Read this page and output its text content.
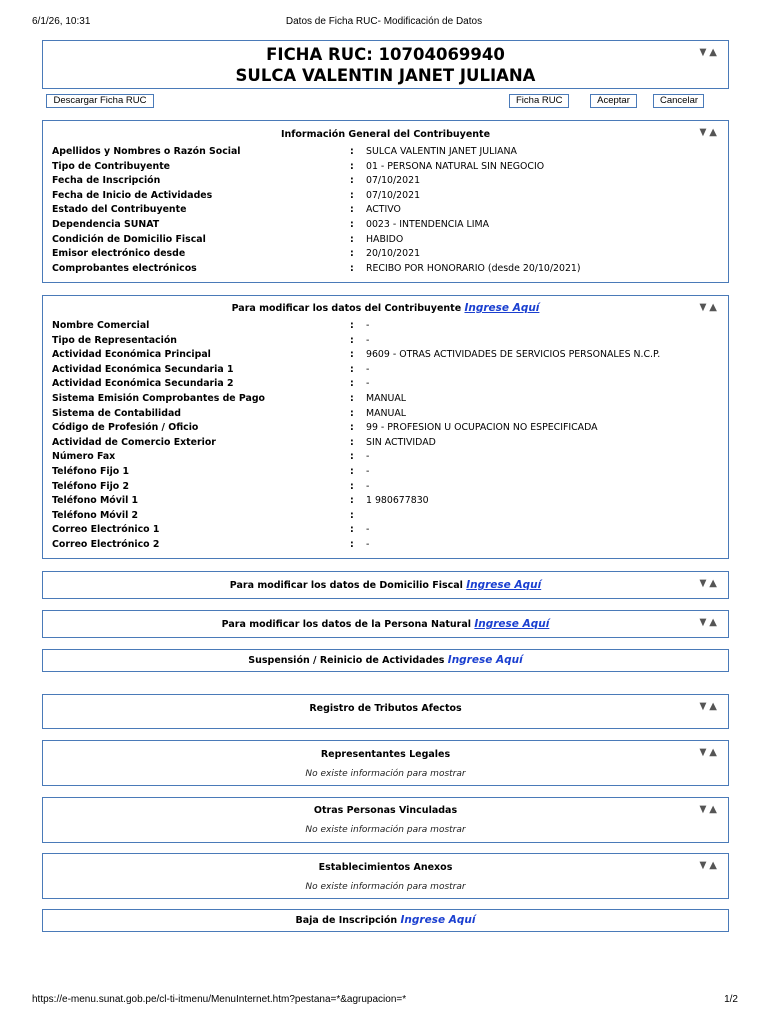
6/1/26, 10:31	Datos de Ficha RUC- Modificación de Datos
FICHA RUC: 10704069940
SULCA VALENTIN JANET JULIANA
▼▲
Descargar Ficha RUC	Ficha RUC	Aceptar	Cancelar
Información General del Contribuyente	▼▲
Apellidos y Nombres o Razón Social	: SULCA VALENTIN JANET JULIANA
Tipo de Contribuyente	: 01 - PERSONA NATURAL SIN NEGOCIO
Fecha de Inscripción	: 07/10/2021
Fecha de Inicio de Actividades	: 07/10/2021
Estado del Contribuyente	: ACTIVO
Dependencia SUNAT	: 0023 - INTENDENCIA LIMA
Condición de Domicilio Fiscal	: HABIDO
Emisor electrónico desde	: 20/10/2021
Comprobantes electrónicos	: RECIBO POR HONORARIO (desde 20/10/2021)
Para modificar los datos del Contribuyente Ingrese Aquí	▼▲
Nombre Comercial	: -
Tipo de Representación	: -
Actividad Económica Principal	: 9609 - OTRAS ACTIVIDADES DE SERVICIOS PERSONALES N.C.P.
Actividad Económica Secundaria 1	: -
Actividad Económica Secundaria 2	: -
Sistema Emisión Comprobantes de Pago	: MANUAL
Sistema de Contabilidad	: MANUAL
Código de Profesión / Oficio	: 99 - PROFESION U OCUPACION NO ESPECIFICADA
Actividad de Comercio Exterior	: SIN ACTIVIDAD
Número Fax	: -
Teléfono Fijo 1	: -
Teléfono Fijo 2	: -
Teléfono Móvil 1	: 1 980677830
Teléfono Móvil 2	:
Correo Electrónico 1	: -
Correo Electrónico 2	: -
Para modificar los datos de Domicilio Fiscal Ingrese Aquí	▼▲
Para modificar los datos de la Persona Natural Ingrese Aquí	▼▲
Suspensión / Reinicio de Actividades Ingrese Aquí
Registro de Tributos Afectos	▼▲
Representantes Legales	▼▲
No existe información para mostrar
Otras Personas Vinculadas	▼▲
No existe información para mostrar
Establecimientos Anexos	▼▲
No existe información para mostrar
Baja de Inscripción Ingrese Aquí
https://e-menu.sunat.gob.pe/cl-ti-itmenu/MenuInternet.htm?pestana=*&agrupacion=*	1/2
